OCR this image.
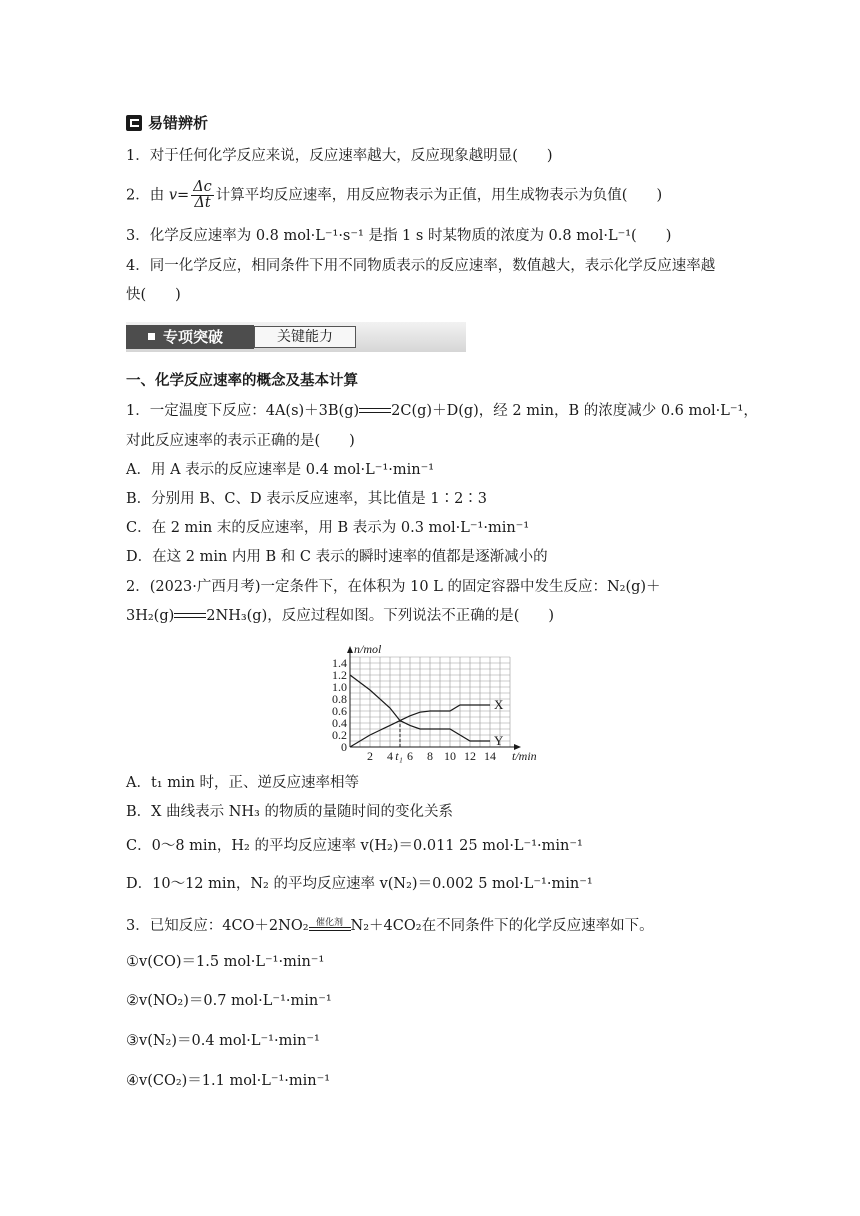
易错辨析
1．对于任何化学反应来说，反应速率越大，反应现象越明显(　　)
2．由 $v= \frac{\Delta c}{\Delta t}$ 计算平均反应速率，用反应物表示为正值，用生成物表示为负值(　　)
3．化学反应速率为 0.8 mol·L⁻¹·s⁻¹ 是指 1 s 时某物质的浓度为 0.8 mol·L⁻¹(　　)
4．同一化学反应，相同条件下用不同物质表示的反应速率，数值越大，表示化学反应速率越
快(　　)
专项突破	关键能力
一、化学反应速率的概念及基本计算
1．一定温度下反应：4A(s)＋3B(g) 2C(g)＋D(g)，经 2 min，B 的浓度减少 0.6 mol·L⁻¹，
对此反应速率的表示正确的是(　　)
A．用 A 表示的反应速率是 0.4 mol·L⁻¹·min⁻¹
B．分别用 B、C、D 表示反应速率，其比值是 1∶2∶3
C．在 2 min 末的反应速率，用 B 表示为 0.3 mol·L⁻¹·min⁻¹
D．在这 2 min 内用 B 和 C 表示的瞬时速率的值都是逐渐减小的
2．(2023·广西月考)一定条件下，在体积为 10 L 的固定容器中发生反应：N₂(g)＋
3H₂(g) 2NH₃(g)，反应过程如图。下列说法不正确的是(　　)
0
0.2
0.4
0.6
0.8
1.0
1.2
1.4
2 4 t₁ 6 8 10 12 14
n/mol
t/min
X
Y
A．t₁ min 时，正、逆反应速率相等
B．X 曲线表示 NH₃ 的物质的量随时间的变化关系
C．0～8 min，H₂ 的平均反应速率 v(H₂)＝0.011 25 mol·L⁻¹·min⁻¹
D．10～12 min，N₂ 的平均反应速率 v(N₂)＝0.002 5 mol·L⁻¹·min⁻¹
3．已知反应：4CO＋2NO₂ 催化剂 N₂＋4CO₂在不同条件下的化学反应速率如下。
①v(CO)＝1.5 mol·L⁻¹·min⁻¹
②v(NO₂)＝0.7 mol·L⁻¹·min⁻¹
③v(N₂)＝0.4 mol·L⁻¹·min⁻¹
④v(CO₂)＝1.1 mol·L⁻¹·min⁻¹
